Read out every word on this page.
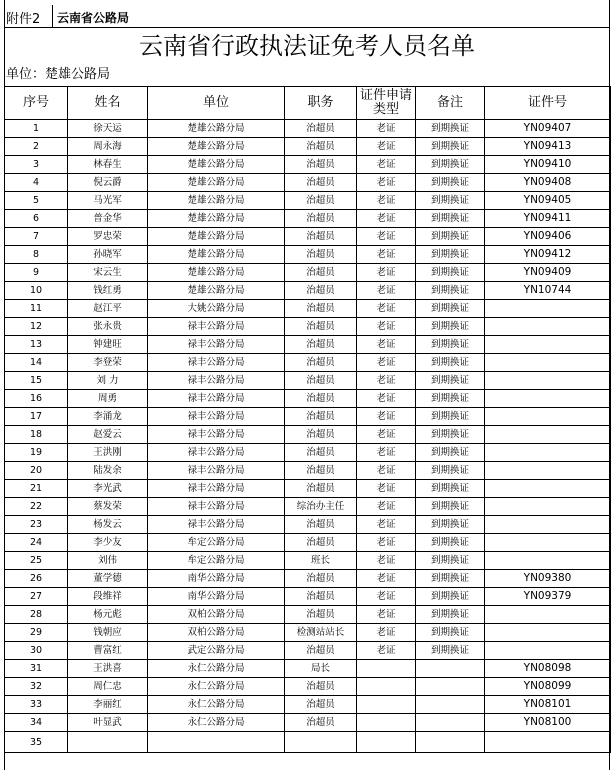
附件2 云南省公路局
云南省行政执法证免考人员名单
单位：楚雄公路局
序号	姓名	单位	职务	证件申请类型	备注	证件号
1	徐天运	楚雄公路分局	治超员	老证	到期换证	YN09407
2	周永海	楚雄公路分局	治超员	老证	到期换证	YN09413
3	林春生	楚雄公路分局	治超员	老证	到期换证	YN09410
4	倪云爵	楚雄公路分局	治超员	老证	到期换证	YN09408
5	马光军	楚雄公路分局	治超员	老证	到期换证	YN09405
6	普金华	楚雄公路分局	治超员	老证	到期换证	YN09411
7	罗忠荣	楚雄公路分局	治超员	老证	到期换证	YN09406
8	孙晓军	楚雄公路分局	治超员	老证	到期换证	YN09412
9	宋云生	楚雄公路分局	治超员	老证	到期换证	YN09409
10	钱红勇	楚雄公路分局	治超员	老证	到期换证	YN10744
11	赵江平	大姚公路分局	治超员	老证	到期换证	
12	张永贵	禄丰公路分局	治超员	老证	到期换证	
13	钟建旺	禄丰公路分局	治超员	老证	到期换证	
14	李登荣	禄丰公路分局	治超员	老证	到期换证	
15	刘 力	禄丰公路分局	治超员	老证	到期换证	
16	周勇	禄丰公路分局	治超员	老证	到期换证	
17	李涌龙	禄丰公路分局	治超员	老证	到期换证	
18	赵爱云	禄丰公路分局	治超员	老证	到期换证	
19	王洪刚	禄丰公路分局	治超员	老证	到期换证	
20	陆发余	禄丰公路分局	治超员	老证	到期换证	
21	李光武	禄丰公路分局	治超员	老证	到期换证	
22	蔡发荣	禄丰公路分局	综治办主任	老证	到期换证	
23	杨发云	禄丰公路分局	治超员	老证	到期换证	
24	李少友	牟定公路分局	治超员	老证	到期换证	
25	刘伟	牟定公路分局	班长	老证	到期换证	
26	董学德	南华公路分局	治超员	老证	到期换证	YN09380
27	段维祥	南华公路分局	治超员	老证	到期换证	YN09379
28	杨元彪	双柏公路分局	治超员	老证	到期换证	
29	钱朝应	双柏公路分局	检测站站长	老证	到期换证	
30	曹富红	武定公路分局	治超员	老证	到期换证	
31	王洪喜	永仁公路分局	局长			YN08098
32	周仁忠	永仁公路分局	治超员			YN08099
33	李丽红	永仁公路分局	治超员			YN08101
34	叶显武	永仁公路分局	治超员			YN08100
35						
